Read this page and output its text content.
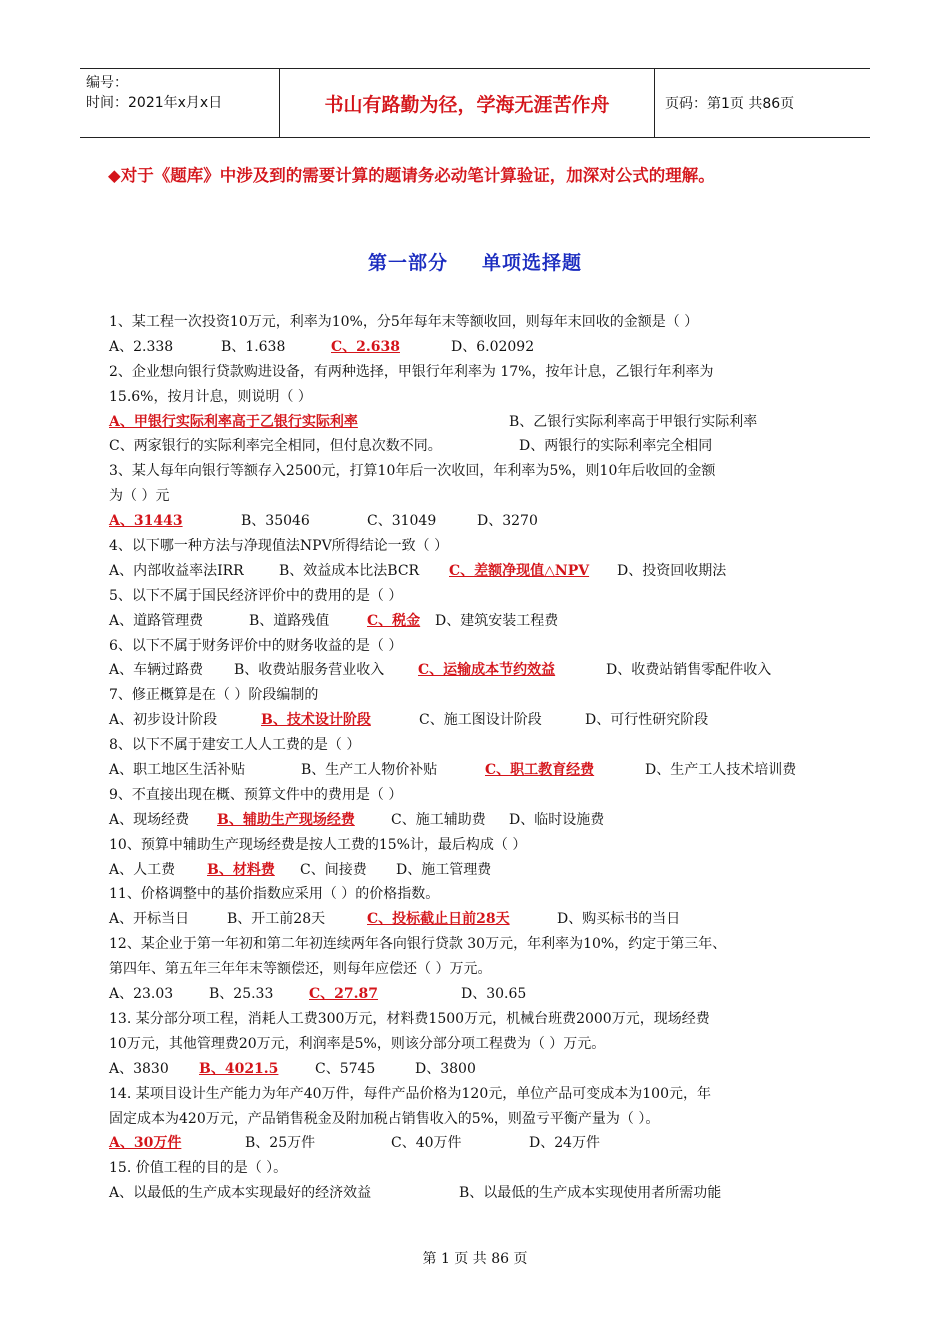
编号：
时间：2021年x月x日	书山有路勤为径，学海无涯苦作舟	页码：第1页 共86页
◆对于《题库》中涉及到的需要计算的题请务必动笔计算验证，加深对公式的理解。
第一部分 单项选择题
1、某工程一次投资10万元，利率为10%，分5年每年末等额收回，则每年末回收的金额是（ ）
A、2.338	B、1.638	C、2.638	D、6.02092
2、企业想向银行贷款购进设备，有两种选择，甲银行年利率为 17%，按年计息，乙银行年利率为
15.6%，按月计息，则说明（ ）
A、甲银行实际利率高于乙银行实际利率	B、乙银行实际利率高于甲银行实际利率
C、两家银行的实际利率完全相同，但付息次数不同。	D、两银行的实际利率完全相同
3、某人每年向银行等额存入2500元，打算10年后一次收回，年利率为5%，则10年后收回的金额
为（ ）元
A、31443	B、35046	C、31049	D、3270
4、以下哪一种方法与净现值法NPV所得结论一致（ ）
A、内部收益率法IRR	B、效益成本比法BCR C、差额净现值△NPV D、投资回收期法
5、以下不属于国民经济评价中的费用的是（ ）
A、道路管理费	B、道路残值	C、税金 D、建筑安装工程费
6、以下不属于财务评价中的财务收益的是（ ）
A、车辆过路费 B、收费站服务营业收入 C、运输成本节约效益	D、收费站销售零配件收入
7、修正概算是在（ ）阶段编制的
A、初步设计阶段	B、技术设计阶段	C、施工图设计阶段	D、可行性研究阶段
8、以下不属于建安工人人工费的是（ ）
A、职工地区生活补贴	B、生产工人物价补贴	C、职工教育经费	D、生产工人技术培训费
9、不直接出现在概、预算文件中的费用是（ ）
A、现场经费 B、辅助生产现场经费	C、施工辅助费 D、临时设施费
10、预算中辅助生产现场经费是按人工费的15%计，最后构成（ ）
A、人工费 B、材料费 C、间接费 D、施工管理费
11、价格调整中的基价指数应采用（ ）的价格指数。
A、开标当日	B、开工前28天	C、投标截止日前28天	D、购买标书的当日
12、某企业于第一年初和第二年初连续两年各向银行贷款 30万元，年利率为10%，约定于第三年、
第四年、第五年三年年末等额偿还，则每年应偿还（ ）万元。
A、23.03	B、25.33	C、27.87	D、30.65
13. 某分部分项工程，消耗人工费300万元，材料费1500万元，机械台班费2000万元，现场经费
10万元，其他管理费20万元，利润率是5%，则该分部分项工程费为（ ）万元。
A、3830 B、4021.5	C、5745	D、3800
14. 某项目设计生产能力为年产40万件，每件产品价格为120元，单位产品可变成本为100元，年
固定成本为420万元，产品销售税金及附加税占销售收入的5%，则盈亏平衡产量为（ ）。
A、30万件	B、25万件	C、40万件	D、24万件
15. 价值工程的目的是（ ）。
A、以最低的生产成本实现最好的经济效益	B、以最低的生产成本实现使用者所需功能
第 1 页 共 86 页
